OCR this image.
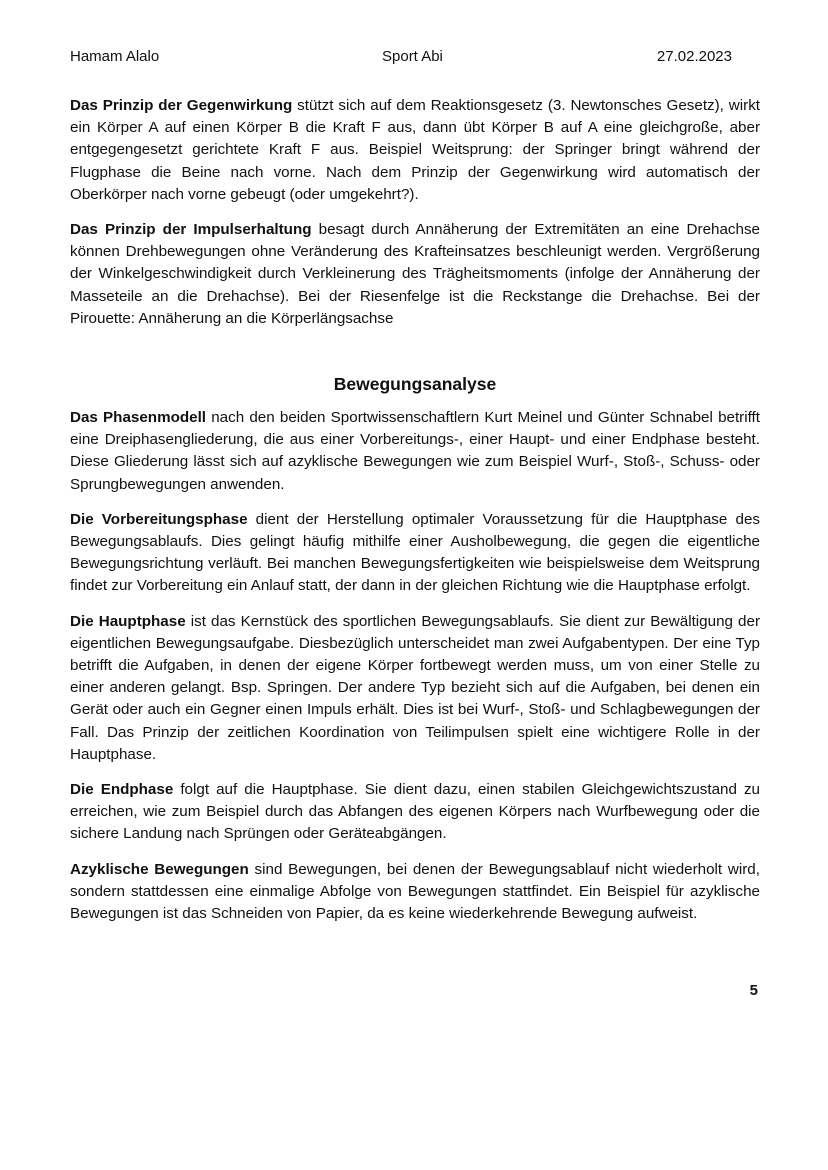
Hamam Alalo	Sport Abi	27.02.2023

Das Prinzip der Gegenwirkung stützt sich auf dem Reaktionsgesetz (3. Newtonsches Gesetz), wirkt ein Körper A auf einen Körper B die Kraft F aus, dann übt Körper B auf A eine gleichgroße, aber entgegengesetzt gerichtete Kraft F aus. Beispiel Weitsprung: der Springer bringt während der Flugphase die Beine nach vorne. Nach dem Prinzip der Gegenwirkung wird automatisch der Oberkörper nach vorne gebeugt (oder umgekehrt?).

Das Prinzip der Impulserhaltung besagt durch Annäherung der Extremitäten an eine Drehachse können Drehbewegungen ohne Veränderung des Krafteinsatzes beschleunigt werden. Vergrößerung der Winkelgeschwindigkeit durch Verkleinerung des Trägheitsmoments (infolge der Annäherung der Masseteile an die Drehachse). Bei der Riesenfelge ist die Reckstange die Drehachse. Bei der Pirouette: Annäherung an die Körperlängsachse

Bewegungsanalyse

Das Phasenmodell nach den beiden Sportwissenschaftlern Kurt Meinel und Günter Schnabel betrifft eine Dreiphasengliederung, die aus einer Vorbereitungs-, einer Haupt- und einer Endphase besteht. Diese Gliederung lässt sich auf azyklische Bewegungen wie zum Beispiel Wurf-, Stoß-, Schuss- oder Sprungbewegungen anwenden.

Die Vorbereitungsphase dient der Herstellung optimaler Voraussetzung für die Hauptphase des Bewegungsablaufs. Dies gelingt häufig mithilfe einer Ausholbewegung, die gegen die eigentliche Bewegungsrichtung verläuft. Bei manchen Bewegungsfertigkeiten wie beispielsweise dem Weitsprung findet zur Vorbereitung ein Anlauf statt, der dann in der gleichen Richtung wie die Hauptphase erfolgt.

Die Hauptphase ist das Kernstück des sportlichen Bewegungsablaufs. Sie dient zur Bewältigung der eigentlichen Bewegungsaufgabe. Diesbezüglich unterscheidet man zwei Aufgabentypen. Der eine Typ betrifft die Aufgaben, in denen der eigene Körper fortbewegt werden muss, um von einer Stelle zu einer anderen gelangt. Bsp. Springen. Der andere Typ bezieht sich auf die Aufgaben, bei denen ein Gerät oder auch ein Gegner einen Impuls erhält. Dies ist bei Wurf-, Stoß- und Schlagbewegungen der Fall. Das Prinzip der zeitlichen Koordination von Teilimpulsen spielt eine wichtigere Rolle in der Hauptphase.

Die Endphase folgt auf die Hauptphase. Sie dient dazu, einen stabilen Gleichgewichtszustand zu erreichen, wie zum Beispiel durch das Abfangen des eigenen Körpers nach Wurfbewegung oder die sichere Landung nach Sprüngen oder Geräteabgängen.

Azyklische Bewegungen sind Bewegungen, bei denen der Bewegungsablauf nicht wiederholt wird, sondern stattdessen eine einmalige Abfolge von Bewegungen stattfindet. Ein Beispiel für azyklische Bewegungen ist das Schneiden von Papier, da es keine wiederkehrende Bewegung aufweist.

5
